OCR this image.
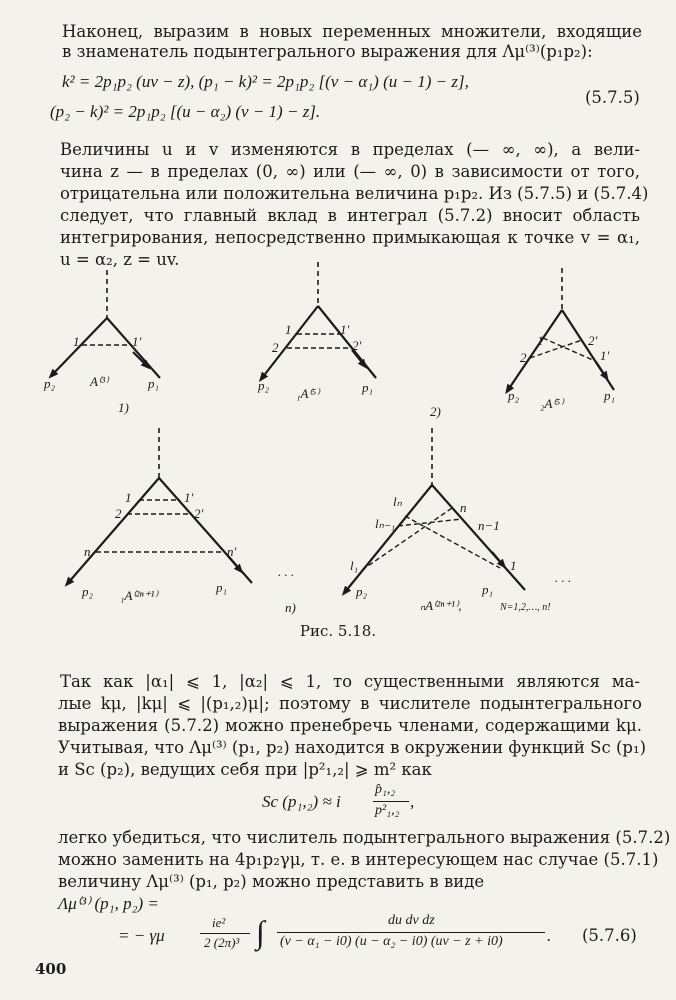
Наконец, выразим в новых переменных множители, входящие
в знаменатель подынтегрального выражения для Λμ⁽³⁾(p₁p₂):
k² = 2p₁p₂ (uv − z), (p₁ − k)² = 2p₁p₂ [(v − α₁) (u − 1) − z],
(p₂ − k)² = 2p₁p₂ [(u − α₂) (v − 1) − z].
(5.7.5)
Величины u и v изменяются в пределах (— ∞, ∞), а вели-
чина z — в пределах (0, ∞) или (— ∞, 0) в зависимости от того,
отрицательна или положительна величина p₁p₂. Из (5.7.5) и (5.7.4)
следует, что главный вклад в интеграл (5.7.2) вносит область
интегрирования, непосредственно примыкающая к точке v = α₁,
u = α₂, z = uv.
1	1′
p₂	p₁
A⁽³⁾
1)
1
2
1′
2′
p₂	p₁
₁A⁽⁵⁾
2)
1
2
2′
1′
p₂	p₁
₂A⁽⁵⁾
1
2
n
1′
2′
n′
p₂	p₁
₁A⁽²ⁿ⁺¹⁾
lₙ
lₙ₋₁
l₁
n
n−1
1
p₂	p₁
ₙA⁽²ⁿ⁺¹⁾,	N=1,2,…, n!
n)
. . .	. . .
Рис. 5.18.
Так как |α₁| ⩽ 1, |α₂| ⩽ 1, то существенными являются ма-
лые kμ, |kμ| ⩽ |(p₁,₂)μ|; поэтому в числителе подынтегрального
выражения (5.7.2) можно пренебречь членами, содержащими kμ.
Учитывая, что Λμ⁽³⁾ (p₁, p₂) находится в окружении функций Sc (p₁)
и Sc (p₂), ведущих себя при |p²₁,₂| ⩾ m² как
Sc (p₁,₂) ≈ i
p̂₁,₂
p²₁,₂ ,
легко убедиться, что числитель подынтегрального выражения (5.7.2)
можно заменить на 4p₁p₂γμ, т. е. в интересующем нас случае (5.7.1)
величину Λμ⁽³⁾ (p₁, p₂) можно представить в виде
Λμ⁽³⁾ (p₁, p₂) =
= − γμ
ie²
2 (2π)³ ∫	du dv dz
(v − α₁ − i0) (u − α₂ − i0) (uv − z + i0)	. (5.7.6)
400
